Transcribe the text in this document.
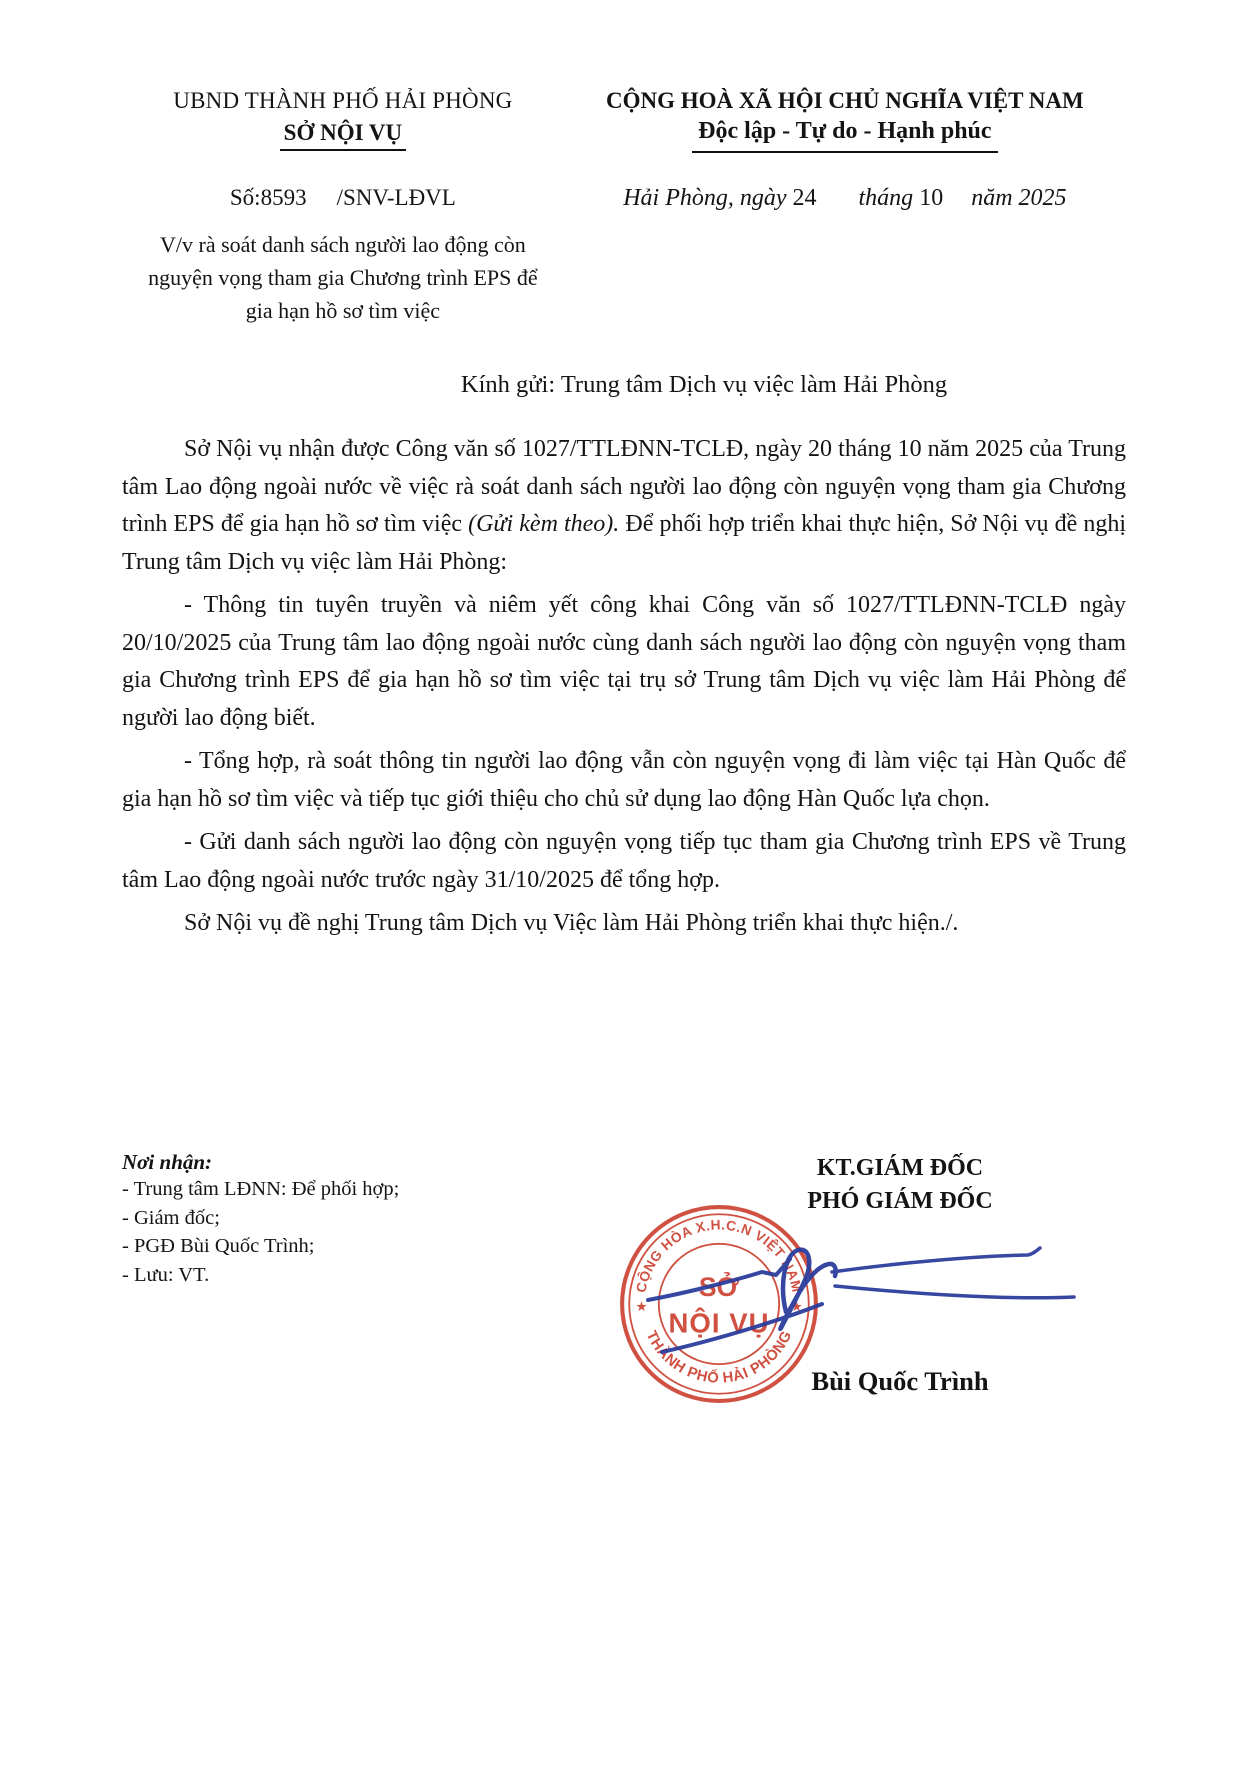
UBND THÀNH PHỐ HẢI PHÒNG
SỞ NỘI VỤ
CỘNG HOÀ XÃ HỘI CHỦ NGHĨA VIỆT NAM
Độc lập - Tự do - Hạnh phúc
Số:8593 /SNV-LĐVL	Hải Phòng, ngày 24 tháng 10 năm 2025
V/v rà soát danh sách người lao động còn nguyện vọng tham gia Chương trình EPS để gia hạn hồ sơ tìm việc
Kính gửi: Trung tâm Dịch vụ việc làm Hải Phòng

Sở Nội vụ nhận được Công văn số 1027/TTLĐNN-TCLĐ, ngày 20 tháng 10 năm 2025 của Trung tâm Lao động ngoài nước về việc rà soát danh sách người lao động còn nguyện vọng tham gia Chương trình EPS để gia hạn hồ sơ tìm việc (Gửi kèm theo). Để phối hợp triển khai thực hiện, Sở Nội vụ đề nghị Trung tâm Dịch vụ việc làm Hải Phòng:

- Thông tin tuyên truyền và niêm yết công khai Công văn số 1027/TTLĐNN-TCLĐ ngày 20/10/2025 của Trung tâm lao động ngoài nước cùng danh sách người lao động còn nguyện vọng tham gia Chương trình EPS để gia hạn hồ sơ tìm việc tại trụ sở Trung tâm Dịch vụ việc làm Hải Phòng để người lao động biết.

- Tổng hợp, rà soát thông tin người lao động vẫn còn nguyện vọng đi làm việc tại Hàn Quốc để gia hạn hồ sơ tìm việc và tiếp tục giới thiệu cho chủ sử dụng lao động Hàn Quốc lựa chọn.

- Gửi danh sách người lao động còn nguyện vọng tiếp tục tham gia Chương trình EPS về Trung tâm Lao động ngoài nước trước ngày 31/10/2025 để tổng hợp.

Sở Nội vụ đề nghị Trung tâm Dịch vụ Việc làm Hải Phòng triển khai thực hiện./.

Nơi nhận:
- Trung tâm LĐNN: Để phối hợp;
- Giám đốc;
- PGĐ Bùi Quốc Trình;
- Lưu: VT.
KT.GIÁM ĐỐC
PHÓ GIÁM ĐỐC
CỘNG HÒA X.H.C.N VIỆT NAM
THÀNH PHỐ HẢI PHÒNG
★	★
SỞ
NỘI VỤ
Bùi Quốc Trình
